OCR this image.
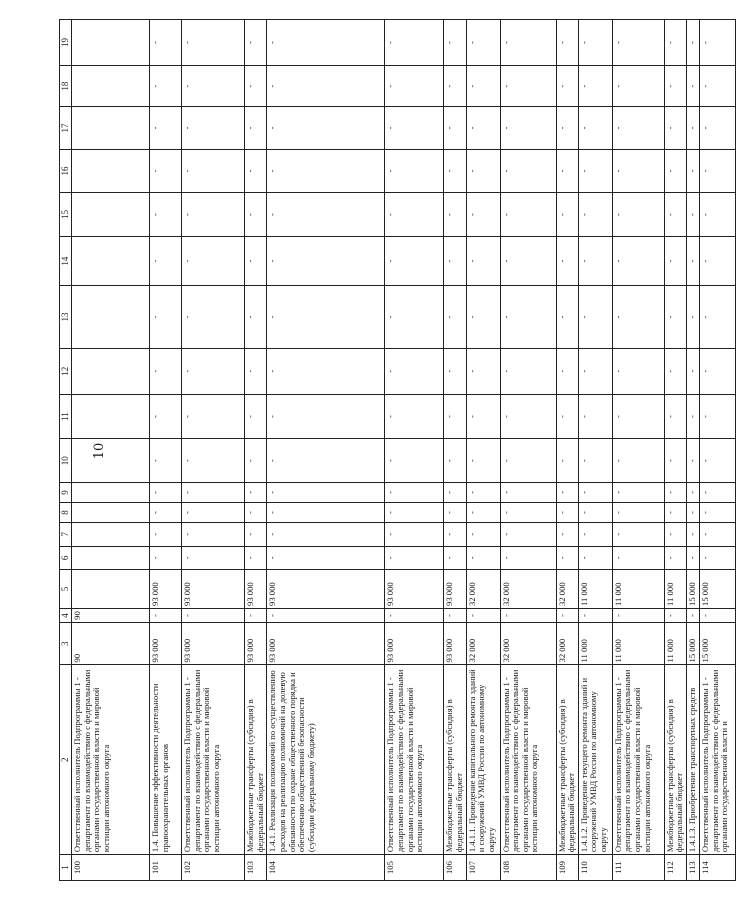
10
1	2	3	4	5	6	7	8	9	10	11	12	13	14	15	16	17	18	19
100	Ответственный исполнитель Подпрограммы 1 - департамент по взаимодействию с федеральными органами государственной власти и мировой юстиции автономного округа	90	90															
101	1.4. Повышение эффективности деятельности правоохранительных органов	93 000	-	93 000	-	-	-	-	-	-	-	-	-	-	-	-	-	-
102	Ответственный исполнитель Подпрограммы 1 - департамент по взаимодействию с федеральными органами государственной власти и мировой юстиции автономного округа	93 000	-	93 000	-	-	-	-	-	-	-	-	-	-	-	-	-	-
103	Межбюджетные трансферты (субсидия) в федеральный бюджет	93 000	-	93 000	-	-	-	-	-	-	-	-	-	-	-	-	-	-
104	1.4.1. Реализация полномочий по осуществлению расходов на реализацию полномочий на долевую обязанности по охране общественного порядка и обеспечению общественной безопасности (субсидии федеральному бюджету)	93 000	-	93 000	-	-	-	-	-	-	-	-	-	-	-	-	-	-
105	Ответственный исполнитель Подпрограммы 1 - департамент по взаимодействию с федеральными органами государственной власти и мировой юстиции автономного округа	93 000	-	93 000	-	-	-	-	-	-	-	-	-	-	-	-	-	-
106	Межбюджетные трансферты (субсидия) в федеральный бюджет	93 000	-	93 000	-	-	-	-	-	-	-	-	-	-	-	-	-	-
107	1.4.1.1. Проведение капитального ремонта зданий и сооружений УМВД России по автономному округу	32 000	-	32 000	-	-	-	-	-	-	-	-	-	-	-	-	-	-
108	Ответственный исполнитель Подпрограммы 1 - департамент по взаимодействию с федеральными органами государственной власти и мировой юстиции автономного округа	32 000	-	32 000	-	-	-	-	-	-	-	-	-	-	-	-	-	-
109	Межбюджетные трансферты (субсидия) в федеральный бюджет	32 000	-	32 000	-	-	-	-	-	-	-	-	-	-	-	-	-	-
110	1.4.1.2. Проведение текущего ремонта зданий и сооружений УМВД России по автономному округу	11 000	-	11 000	-	-	-	-	-	-	-	-	-	-	-	-	-	-
111	Ответственный исполнитель Подпрограммы 1 - департамент по взаимодействию с федеральными органами государственной власти и мировой юстиции автономного округа	11 000	-	11 000	-	-	-	-	-	-	-	-	-	-	-	-	-	-
112	Межбюджетные трансферты (субсидия) в федеральный бюджет	11 000	-	11 000	-	-	-	-	-	-	-	-	-	-	-	-	-	-
113	1.4.1.3. Приобретение транспортных средств	15 000	-	15 000	-	-	-	-	-	-	-	-	-	-	-	-	-	-
114	Ответственный исполнитель Подпрограммы 1 - департамент по взаимодействию с федеральными органами государственной власти и	15 000	-	15 000	-	-	-	-	-	-	-	-	-	-	-	-	-	-
